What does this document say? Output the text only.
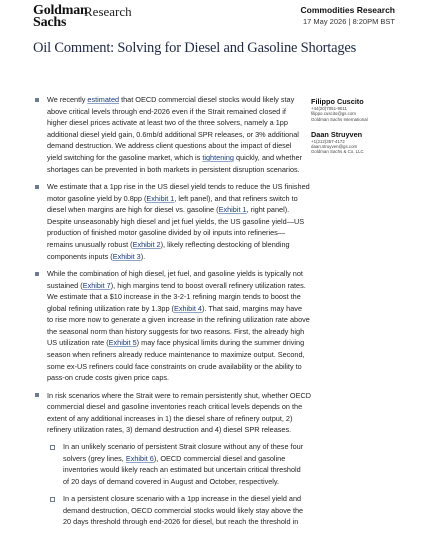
Goldman
Sachs
Research	Commodities Research
17 May 2026 | 8:20PM BST
Oil Comment: Solving for Diesel and Gasoline Shortages
We recently estimated that OECD commercial diesel stocks would likely stay
above critical levels through end-2026 even if the Strait remained closed if
higher diesel prices activate at least two of the three solvers, namely a 1pp
additional diesel yield gain, 0.6mb/d additional SPR releases, or 3% additional
demand destruction. We address client questions about the impact of diesel
yield switching for the gasoline market, which is tightening quickly, and whether
shortages can be prevented in both markets in persistent disruption scenarios.
We estimate that a 1pp rise in the US diesel yield tends to reduce the US finished
motor gasoline yield by 0.8pp (Exhibit 1, left panel), and that refiners switch to
diesel when margins are high for diesel vs. gasoline (Exhibit 1, right panel).
Despite unseasonably high diesel and jet fuel yields, the US gasoline yield—US
production of finished motor gasoline divided by oil inputs into refineries—
remains unusually robust (Exhibit 2), likely reflecting destocking of blending
components inputs (Exhibit 3).
While the combination of high diesel, jet fuel, and gasoline yields is typically not
sustained (Exhibit 7), high margins tend to boost overall refinery utilization rates.
We estimate that a $10 increase in the 3-2-1 refining margin tends to boost the
global refining utilization rate by 1.3pp (Exhibit 4). That said, margins may have
to rise more now to generate a given increase in the refining utilization rate above
the seasonal norm than history suggests for two reasons. First, the already high
US utilization rate (Exhibit 5) may face physical limits during the summer driving
season when refiners already reduce maintenance to maximize output. Second,
some ex-US refiners could face constraints on crude availability or the ability to
pass-on crude costs given price caps.
In risk scenarios where the Strait were to remain persistently shut, whether OECD
commercial diesel and gasoline inventories reach critical levels depends on the
extent of any additional increases in 1) the diesel share of refinery output, 2)
refinery utilization rates, 3) demand destruction and 4) diesel SPR releases.
In an unlikely scenario of persistent Strait closure without any of these four
solvers (grey lines, Exhibit 6), OECD commercial diesel and gasoline
inventories would likely reach an estimated but uncertain critical threshold
of 20 days of demand covered in August and October, respectively.
In a persistent closure scenario with a 1pp increase in the diesel yield and
demand destruction, OECD commercial stocks would likely stay above the
20 days threshold through end-2026 for diesel, but reach the threshold in
Filippo Cuscito
+44(20)7051-9011
filippo.cuscito@gs.com
Goldman Sachs International
Daan Struyven
+1(212)357-4172
daan.struyven@gs.com
Goldman Sachs & Co. LLC
